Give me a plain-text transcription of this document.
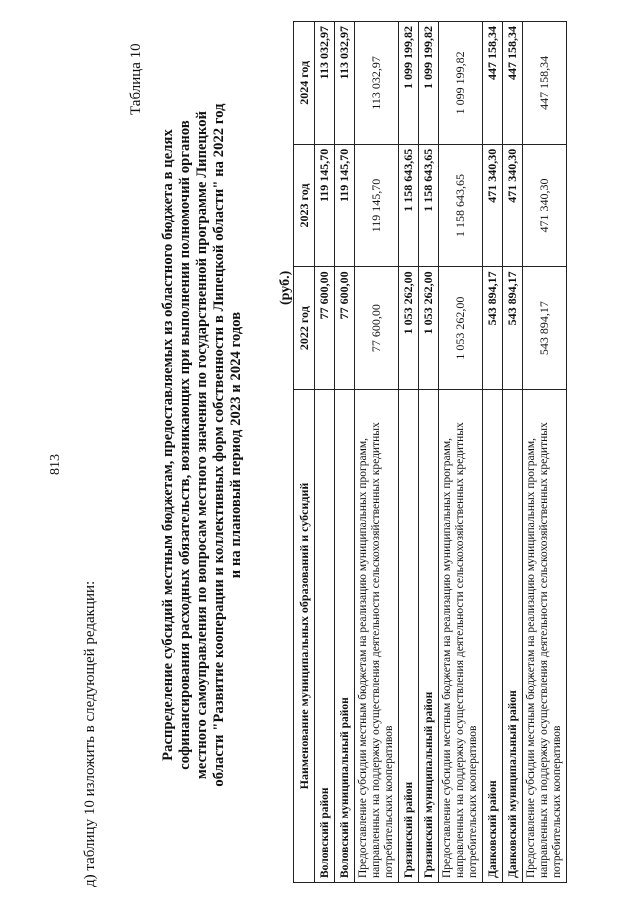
д) таблицу 10 изложить в следующей редакции:
813
Таблица 10
Распределение субсидий местным бюджетам, предоставляемых из областного бюджета в целях софинансирования расходных обязательств, возникающих при выполнении полномочий органов местного самоуправления по вопросам местного значения по государственной программе Липецкой области "Развитие кооперации и коллективных форм собственности в Липецкой области" на 2022 год и на плановый период 2023 и 2024 годов
(руб.)
Наименование муниципальных образований и субсидий	2022 год	2023 год	2024 год
Воловский район	77 600,00	119 145,70	113 032,97
Воловский муниципальный район	77 600,00	119 145,70	113 032,97
Предоставление субсидии местным бюджетам на реализацию муниципальных программ, направленных на поддержку осуществления деятельности сельскохозяйственных кредитных потребительских кооперативов	77 600,00	119 145,70	113 032,97
Грязинский район	1 053 262,00	1 158 643,65	1 099 199,82
Грязинский муниципальный район	1 053 262,00	1 158 643,65	1 099 199,82
Предоставление субсидии местным бюджетам на реализацию муниципальных программ, направленных на поддержку осуществления деятельности сельскохозяйственных кредитных потребительских кооперативов	1 053 262,00	1 158 643,65	1 099 199,82
Данковский район	543 894,17	471 340,30	447 158,34
Данковский муниципальный район	543 894,17	471 340,30	447 158,34
Предоставление субсидии местным бюджетам на реализацию муниципальных программ, направленных на поддержку осуществления деятельности сельскохозяйственных кредитных потребительских кооперативов	543 894,17	471 340,30	447 158,34
